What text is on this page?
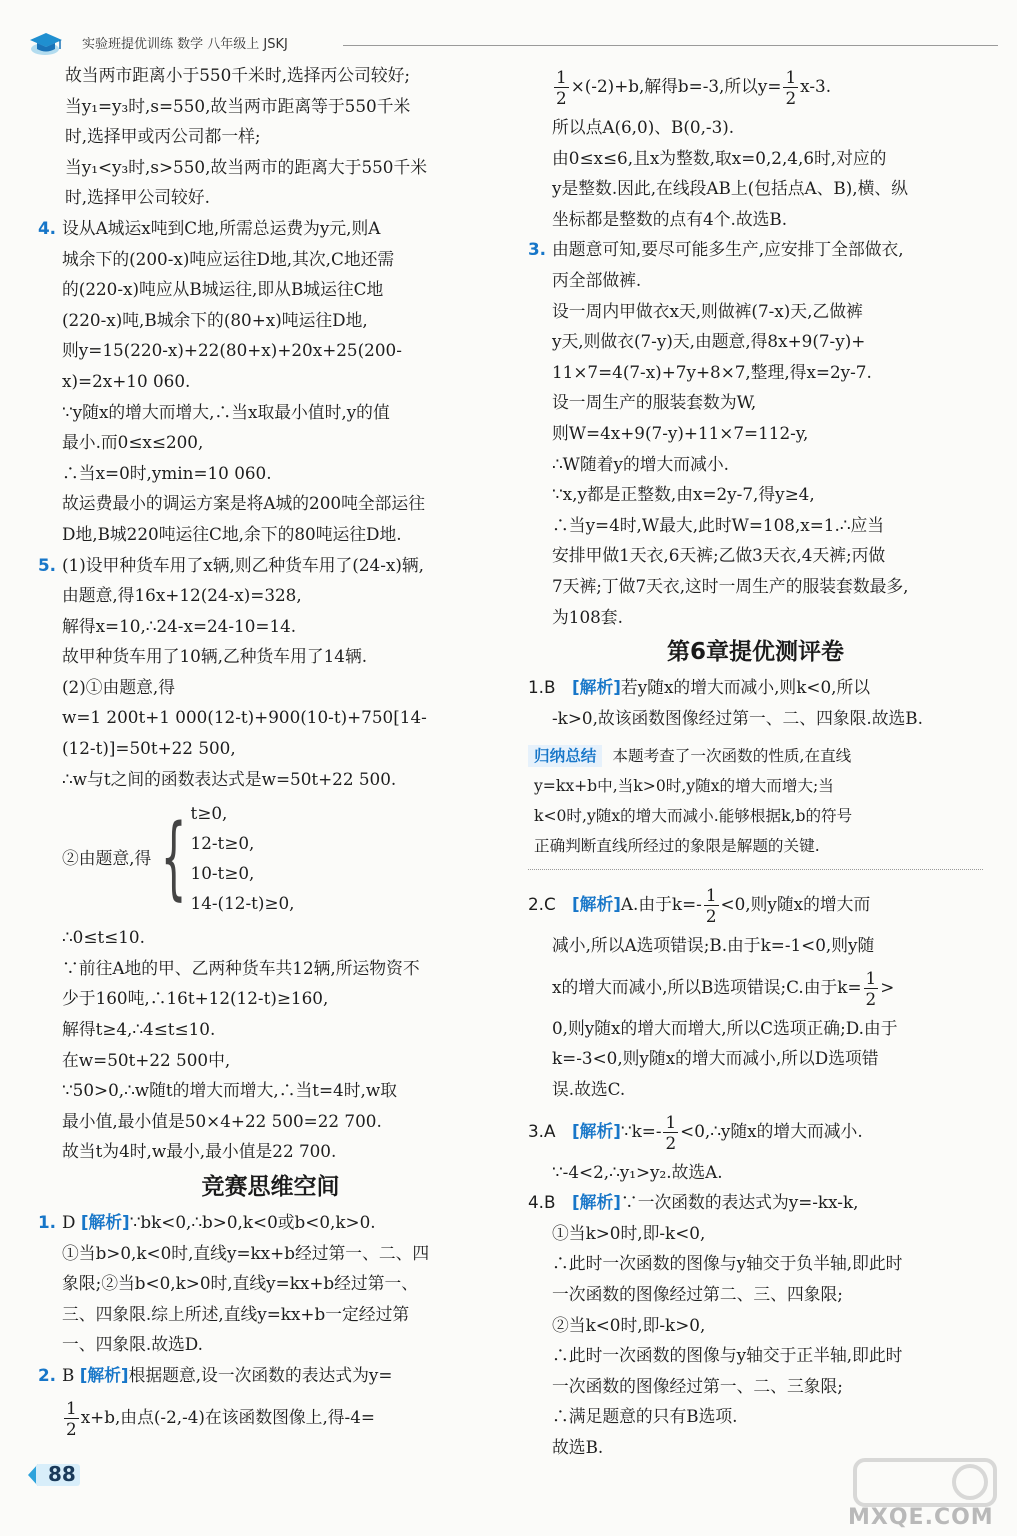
实验班提优训练 数学 八年级上 JSKJ
故当两市距离小于550千米时,选择丙公司较好;
当y₁=y₃时,s=550,故当两市距离等于550千米
时,选择甲或丙公司都一样;
当y₁<y₃时,s>550,故当两市的距离大于550千米
时,选择甲公司较好.
4. 设从A城运x吨到C地,所需总运费为y元,则A
城余下的(200-x)吨应运往D地,其次,C地还需
的(220-x)吨应从B城运往,即从B城运往C地
(220-x)吨,B城余下的(80+x)吨运往D地,
则y=15(220-x)+22(80+x)+20x+25(200-
x)=2x+10 060.
∵y随x的增大而增大,∴当x取最小值时,y的值
最小.而0≤x≤200,
∴当x=0时,ymin=10 060.
故运费最小的调运方案是将A城的200吨全部运往
D地,B城220吨运往C地,余下的80吨运往D地.
5. (1)设甲种货车用了x辆,则乙种货车用了(24-x)辆,
由题意,得16x+12(24-x)=328,
解得x=10,∴24-x=24-10=14.
故甲种货车用了10辆,乙种货车用了14辆.
(2)①由题意,得
w=1 200t+1 000(12-t)+900(10-t)+750[14-
(12-t)]=50t+22 500,
∴w与t之间的函数表达式是w=50t+22 500.
②由题意,得 { t≥0,
12-t≥0,
10-t≥0,
14-(12-t)≥0,
∴0≤t≤10.
∵前往A地的甲、乙两种货车共12辆,所运物资不
少于160吨,∴16t+12(12-t)≥160,
解得t≥4,∴4≤t≤10.
在w=50t+22 500中,
∵50>0,∴w随t的增大而增大,∴当t=4时,w取
最小值,最小值是50×4+22 500=22 700.
故当t为4时,w最小,最小值是22 700.
竞赛思维空间
1. D [解析]∵bk<0,∴b>0,k<0或b<0,k>0.
①当b>0,k<0时,直线y=kx+b经过第一、二、四
象限;②当b<0,k>0时,直线y=kx+b经过第一、
三、四象限.综上所述,直线y=kx+b一定经过第
一、四象限.故选D.
2. B [解析]根据题意,设一次函数的表达式为y=
$\frac{1}{2} x+b$,由点(-2,-4)在该函数图像上,得-4=
$\frac{1}{2} \times(-2)+b$,解得b=-3,所以$y= \frac{1}{2} x-3$.
所以点A(6,0)、B(0,-3).
由0≤x≤6,且x为整数,取x=0,2,4,6时,对应的
y是整数.因此,在线段AB上(包括点A、B),横、纵
坐标都是整数的点有4个.故选B.
3. 由题意可知,要尽可能多生产,应安排丁全部做衣,
丙全部做裤.
设一周内甲做衣x天,则做裤(7-x)天,乙做裤
y天,则做衣(7-y)天,由题意,得8x+9(7-y)+
11×7=4(7-x)+7y+8×7,整理,得x=2y-7.
设一周生产的服装套数为W,
则W=4x+9(7-y)+11×7=112-y,
∴W随着y的增大而减小.
∵x,y都是正整数,由x=2y-7,得y≥4,
∴当y=4时,W最大,此时W=108,x=1.∴应当
安排甲做1天衣,6天裤;乙做3天衣,4天裤;丙做
7天裤;丁做7天衣,这时一周生产的服装套数最多,
为108套.
第6章提优测评卷
1.B [解析]若y随x的增大而减小,则k<0,所以
-k>0,故该函数图像经过第一、二、四象限.故选B.
归纳总结 本题考查了一次函数的性质,在直线
y=kx+b中,当k>0时,y随x的增大而增大;当
k<0时,y随x的增大而减小.能够根据k,b的符号
正确判断直线所经过的象限是解题的关键.
2.C [解析]A.由于$k=- \frac{1}{2} <0$,则y随x的增大而
减小,所以A选项错误;B.由于k=-1<0,则y随
x的增大而减小,所以B选项错误;C.由于$k= \frac{1}{2}$ >
0,则y随x的增大而增大,所以C选项正确;D.由于
k=-3<0,则y随x的增大而减小,所以D选项错
误.故选C.
3.A [解析]∵k=- $\frac{1}{2}$ <0,∴y随x的增大而减小.
∵-4<2,∴y₁>y₂.故选A.
4.B [解析]∵一次函数的表达式为y=-kx-k,
①当k>0时,即-k<0,
∴此时一次函数的图像与y轴交于负半轴,即此时
一次函数的图像经过第二、三、四象限;
②当k<0时,即-k>0,
∴此时一次函数的图像与y轴交于正半轴,即此时
一次函数的图像经过第一、二、三象限;
∴满足题意的只有B选项.
故选B.
88
MXQE.COM
